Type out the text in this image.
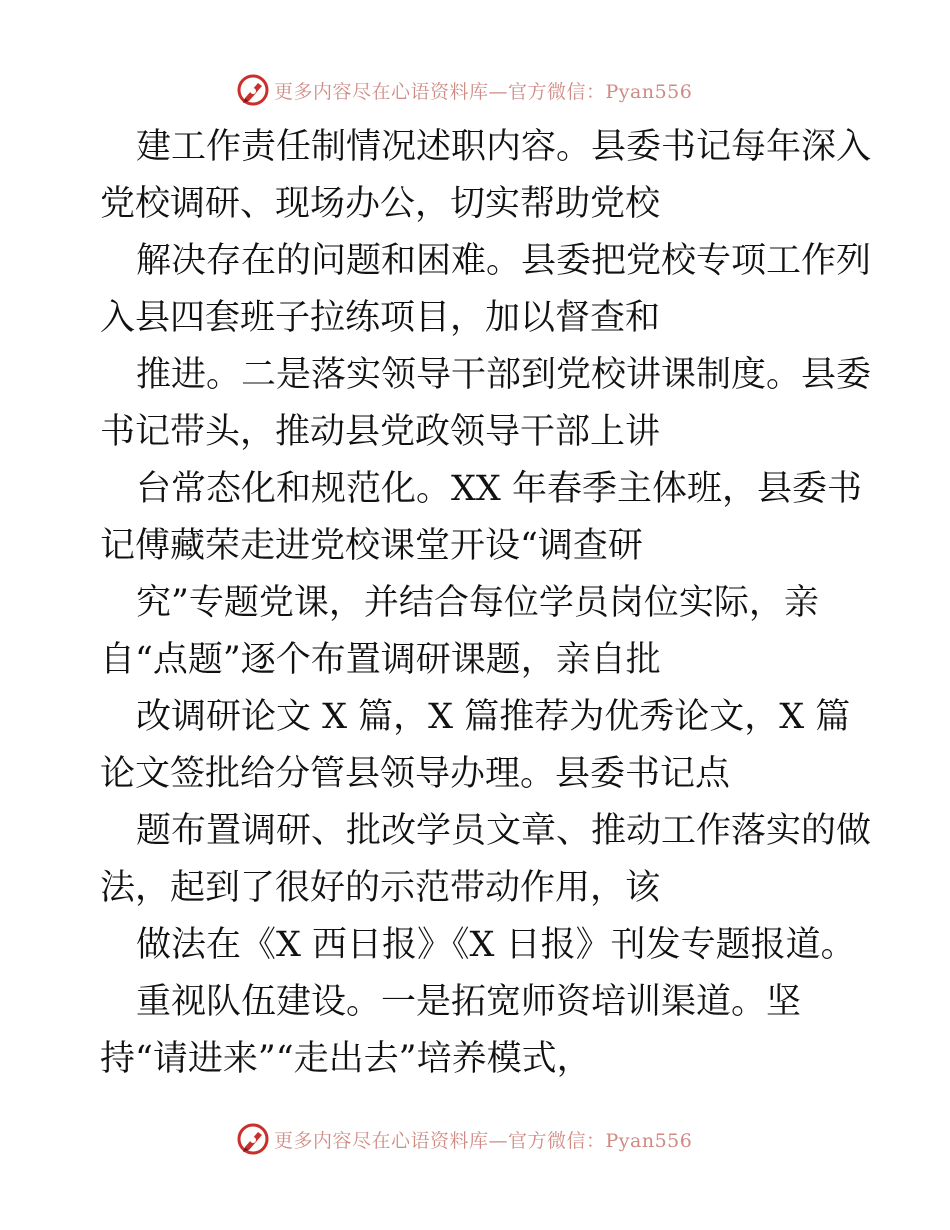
更多内容尽在心语资料库—官方微信：Pyan556
建工作责任制情况述职内容。县委书记每年深入
党校调研、现场办公，切实帮助党校
解决存在的问题和困难。县委把党校专项工作列
入县四套班子拉练项目，加以督查和
推进。二是落实领导干部到党校讲课制度。县委
书记带头，推动县党政领导干部上讲
台常态化和规范化。XX 年春季主体班，县委书
记傅藏荣走进党校课堂开设“调查研
究”专题党课，并结合每位学员岗位实际，亲
自“点题”逐个布置调研课题，亲自批
改调研论文 X 篇，X 篇推荐为优秀论文，X 篇
论文签批给分管县领导办理。县委书记点
题布置调研、批改学员文章、推动工作落实的做
法，起到了很好的示范带动作用，该
做法在《X 西日报》《X 日报》刊发专题报道。
重视队伍建设。一是拓宽师资培训渠道。坚
持“请进来”“走出去”培养模式，
更多内容尽在心语资料库—官方微信：Pyan556
